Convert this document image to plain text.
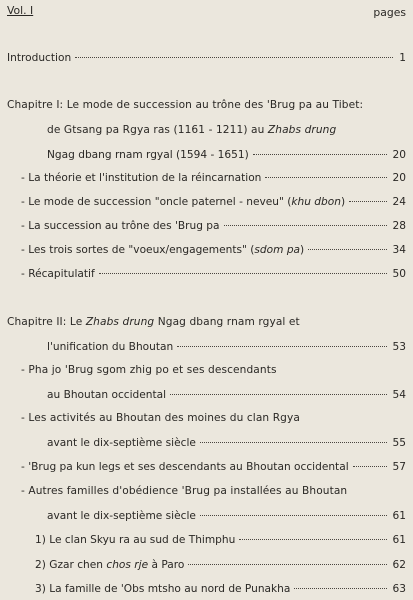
Vol. I	pages
Introduction	1
Chapitre I: Le mode de succession au trône des 'Brug pa au Tibet:
de Gtsang pa Rgya ras (1161 - 1211) au Zhabs drung
Ngag dbang rnam rgyal (1594 - 1651)	20
- La théorie et l'institution de la réincarnation	20
- Le mode de succession "oncle paternel - neveu" (khu dbon)	24
- La succession au trône des 'Brug pa	28
- Les trois sortes de "voeux/engagements" (sdom pa)	34
- Récapitulatif	50
Chapitre II: Le Zhabs drung Ngag dbang rnam rgyal et
l'unification du Bhoutan	53
- Pha jo 'Brug sgom zhig po et ses descendants
au Bhoutan occidental	54
- Les activités au Bhoutan des moines du clan Rgya
avant le dix-septième siècle	55
- 'Brug pa kun legs et ses descendants au Bhoutan occidental	57
- Autres familles d'obédience 'Brug pa installées au Bhoutan
avant le dix-septième siècle	61
1) Le clan Skyu ra au sud de Thimphu	61
2) Gzar chen chos rje à Paro	62
3) La famille de 'Obs mtsho au nord de Punakha	63
